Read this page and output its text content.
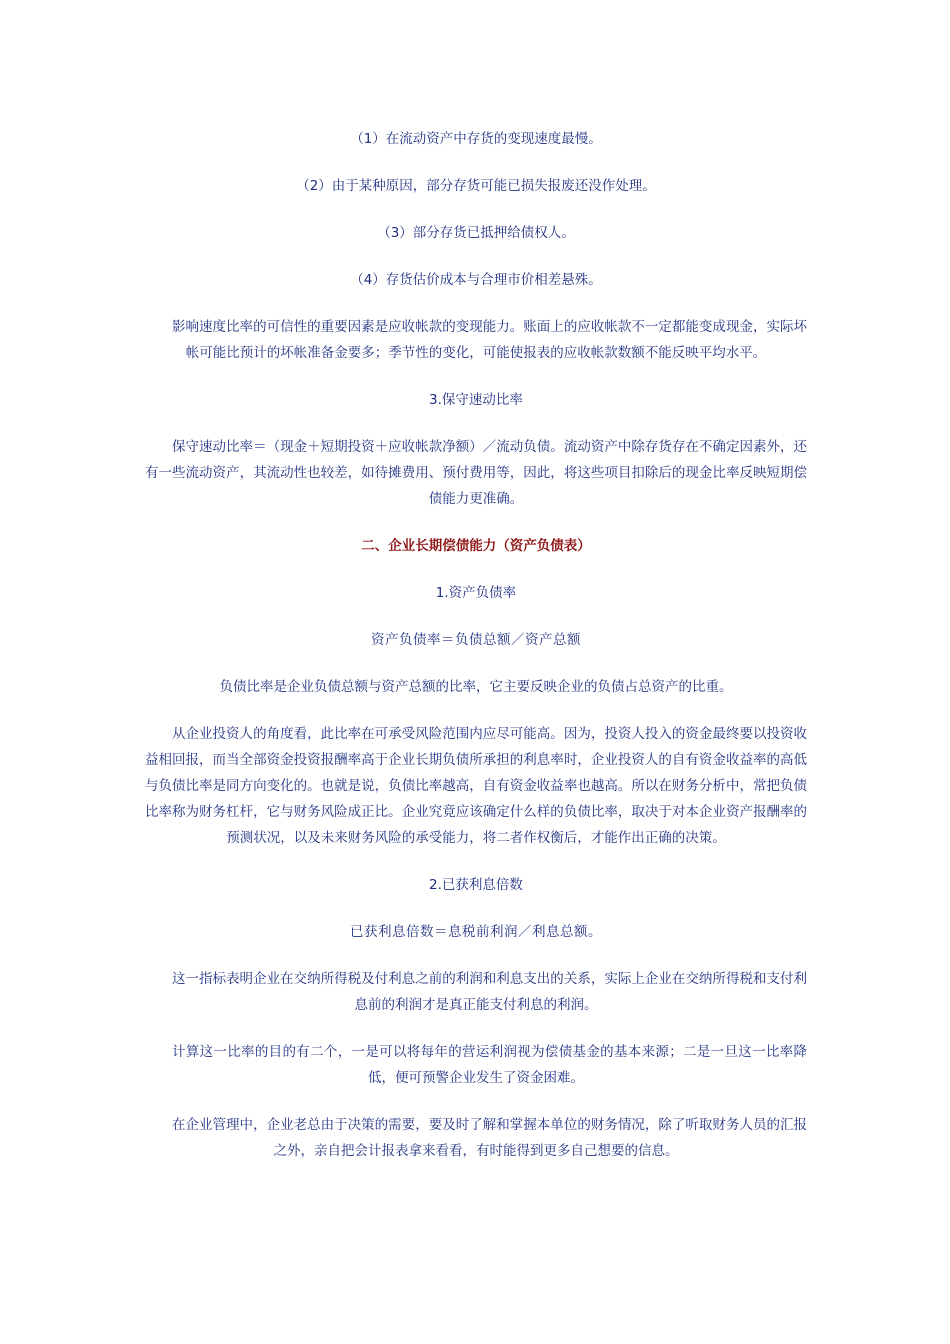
（1）在流动资产中存货的变现速度最慢。

（2）由于某种原因，部分存货可能已损失报废还没作处理。

（3）部分存货已抵押给债权人。

（4）存货估价成本与合理市价相差悬殊。

影响速度比率的可信性的重要因素是应收帐款的变现能力。账面上的应收帐款不一定都能变成现金，实际坏帐可能比预计的坏帐准备金要多；季节性的变化，可能使报表的应收帐款数额不能反映平均水平。

3.保守速动比率

保守速动比率＝（现金＋短期投资＋应收帐款净额）／流动负债。流动资产中除存货存在不确定因素外，还有一些流动资产，其流动性也较差，如待摊费用、预付费用等，因此，将这些项目扣除后的现金比率反映短期偿债能力更准确。

二、企业长期偿债能力（资产负债表）

1.资产负债率

资产负债率＝负债总额／资产总额

负债比率是企业负债总额与资产总额的比率，它主要反映企业的负债占总资产的比重。

从企业投资人的角度看，此比率在可承受风险范围内应尽可能高。因为，投资人投入的资金最终要以投资收益相回报，而当全部资金投资报酬率高于企业长期负债所承担的利息率时，企业投资人的自有资金收益率的高低与负债比率是同方向变化的。也就是说，负债比率越高，自有资金收益率也越高。所以在财务分析中，常把负债比率称为财务杠杆，它与财务风险成正比。企业究竟应该确定什么样的负债比率，取决于对本企业资产报酬率的预测状况，以及未来财务风险的承受能力，将二者作权衡后，才能作出正确的决策。

2.已获利息倍数

已获利息倍数＝息税前利润／利息总额。

这一指标表明企业在交纳所得税及付利息之前的利润和利息支出的关系，实际上企业在交纳所得税和支付利息前的利润才是真正能支付利息的利润。

计算这一比率的目的有二个，一是可以将每年的营运利润视为偿债基金的基本来源；二是一旦这一比率降低，便可预警企业发生了资金困难。

在企业管理中，企业老总由于决策的需要，要及时了解和掌握本单位的财务情况，除了听取财务人员的汇报之外，亲自把会计报表拿来看看，有时能得到更多自己想要的信息。
